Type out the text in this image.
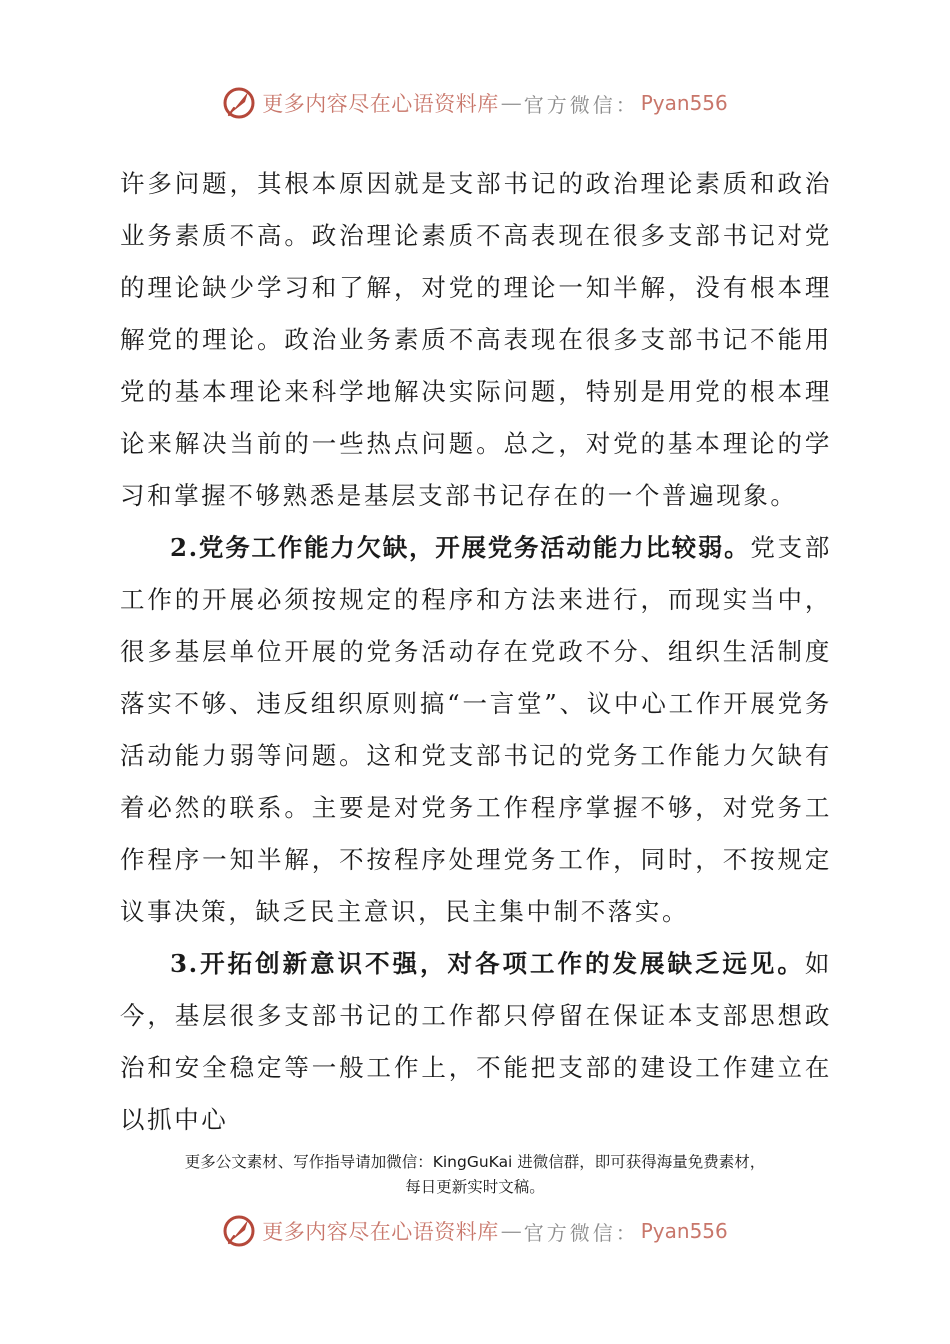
更多内容尽在心语资料库 — 官方微信： Pyan556

许多问题，其根本原因就是支部书记的政治理论素质和政治业务素质不高。政治理论素质不高表现在很多支部书记对党的理论缺少学习和了解，对党的理论一知半解，没有根本理解党的理论。政治业务素质不高表现在很多支部书记不能用党的基本理论来科学地解决实际问题，特别是用党的根本理论来解决当前的一些热点问题。总之，对党的基本理论的学习和掌握不够熟悉是基层支部书记存在的一个普遍现象。

2.党务工作能力欠缺，开展党务活动能力比较弱。党支部工作的开展必须按规定的程序和方法来进行，而现实当中，很多基层单位开展的党务活动存在党政不分、组织生活制度落实不够、违反组织原则搞“一言堂”、议中心工作开展党务活动能力弱等问题。这和党支部书记的党务工作能力欠缺有着必然的联系。主要是对党务工作程序掌握不够，对党务工作程序一知半解，不按程序处理党务工作，同时，不按规定议事决策，缺乏民主意识，民主集中制不落实。

3.开拓创新意识不强，对各项工作的发展缺乏远见。如今，基层很多支部书记的工作都只停留在保证本支部思想政治和安全稳定等一般工作上，不能把支部的建设工作建立在以抓中心

更多公文素材、写作指导请加微信：KingGuKai 进微信群，即可获得海量免费素材，
每日更新实时文稿。
更多内容尽在心语资料库 — 官方微信： Pyan556
